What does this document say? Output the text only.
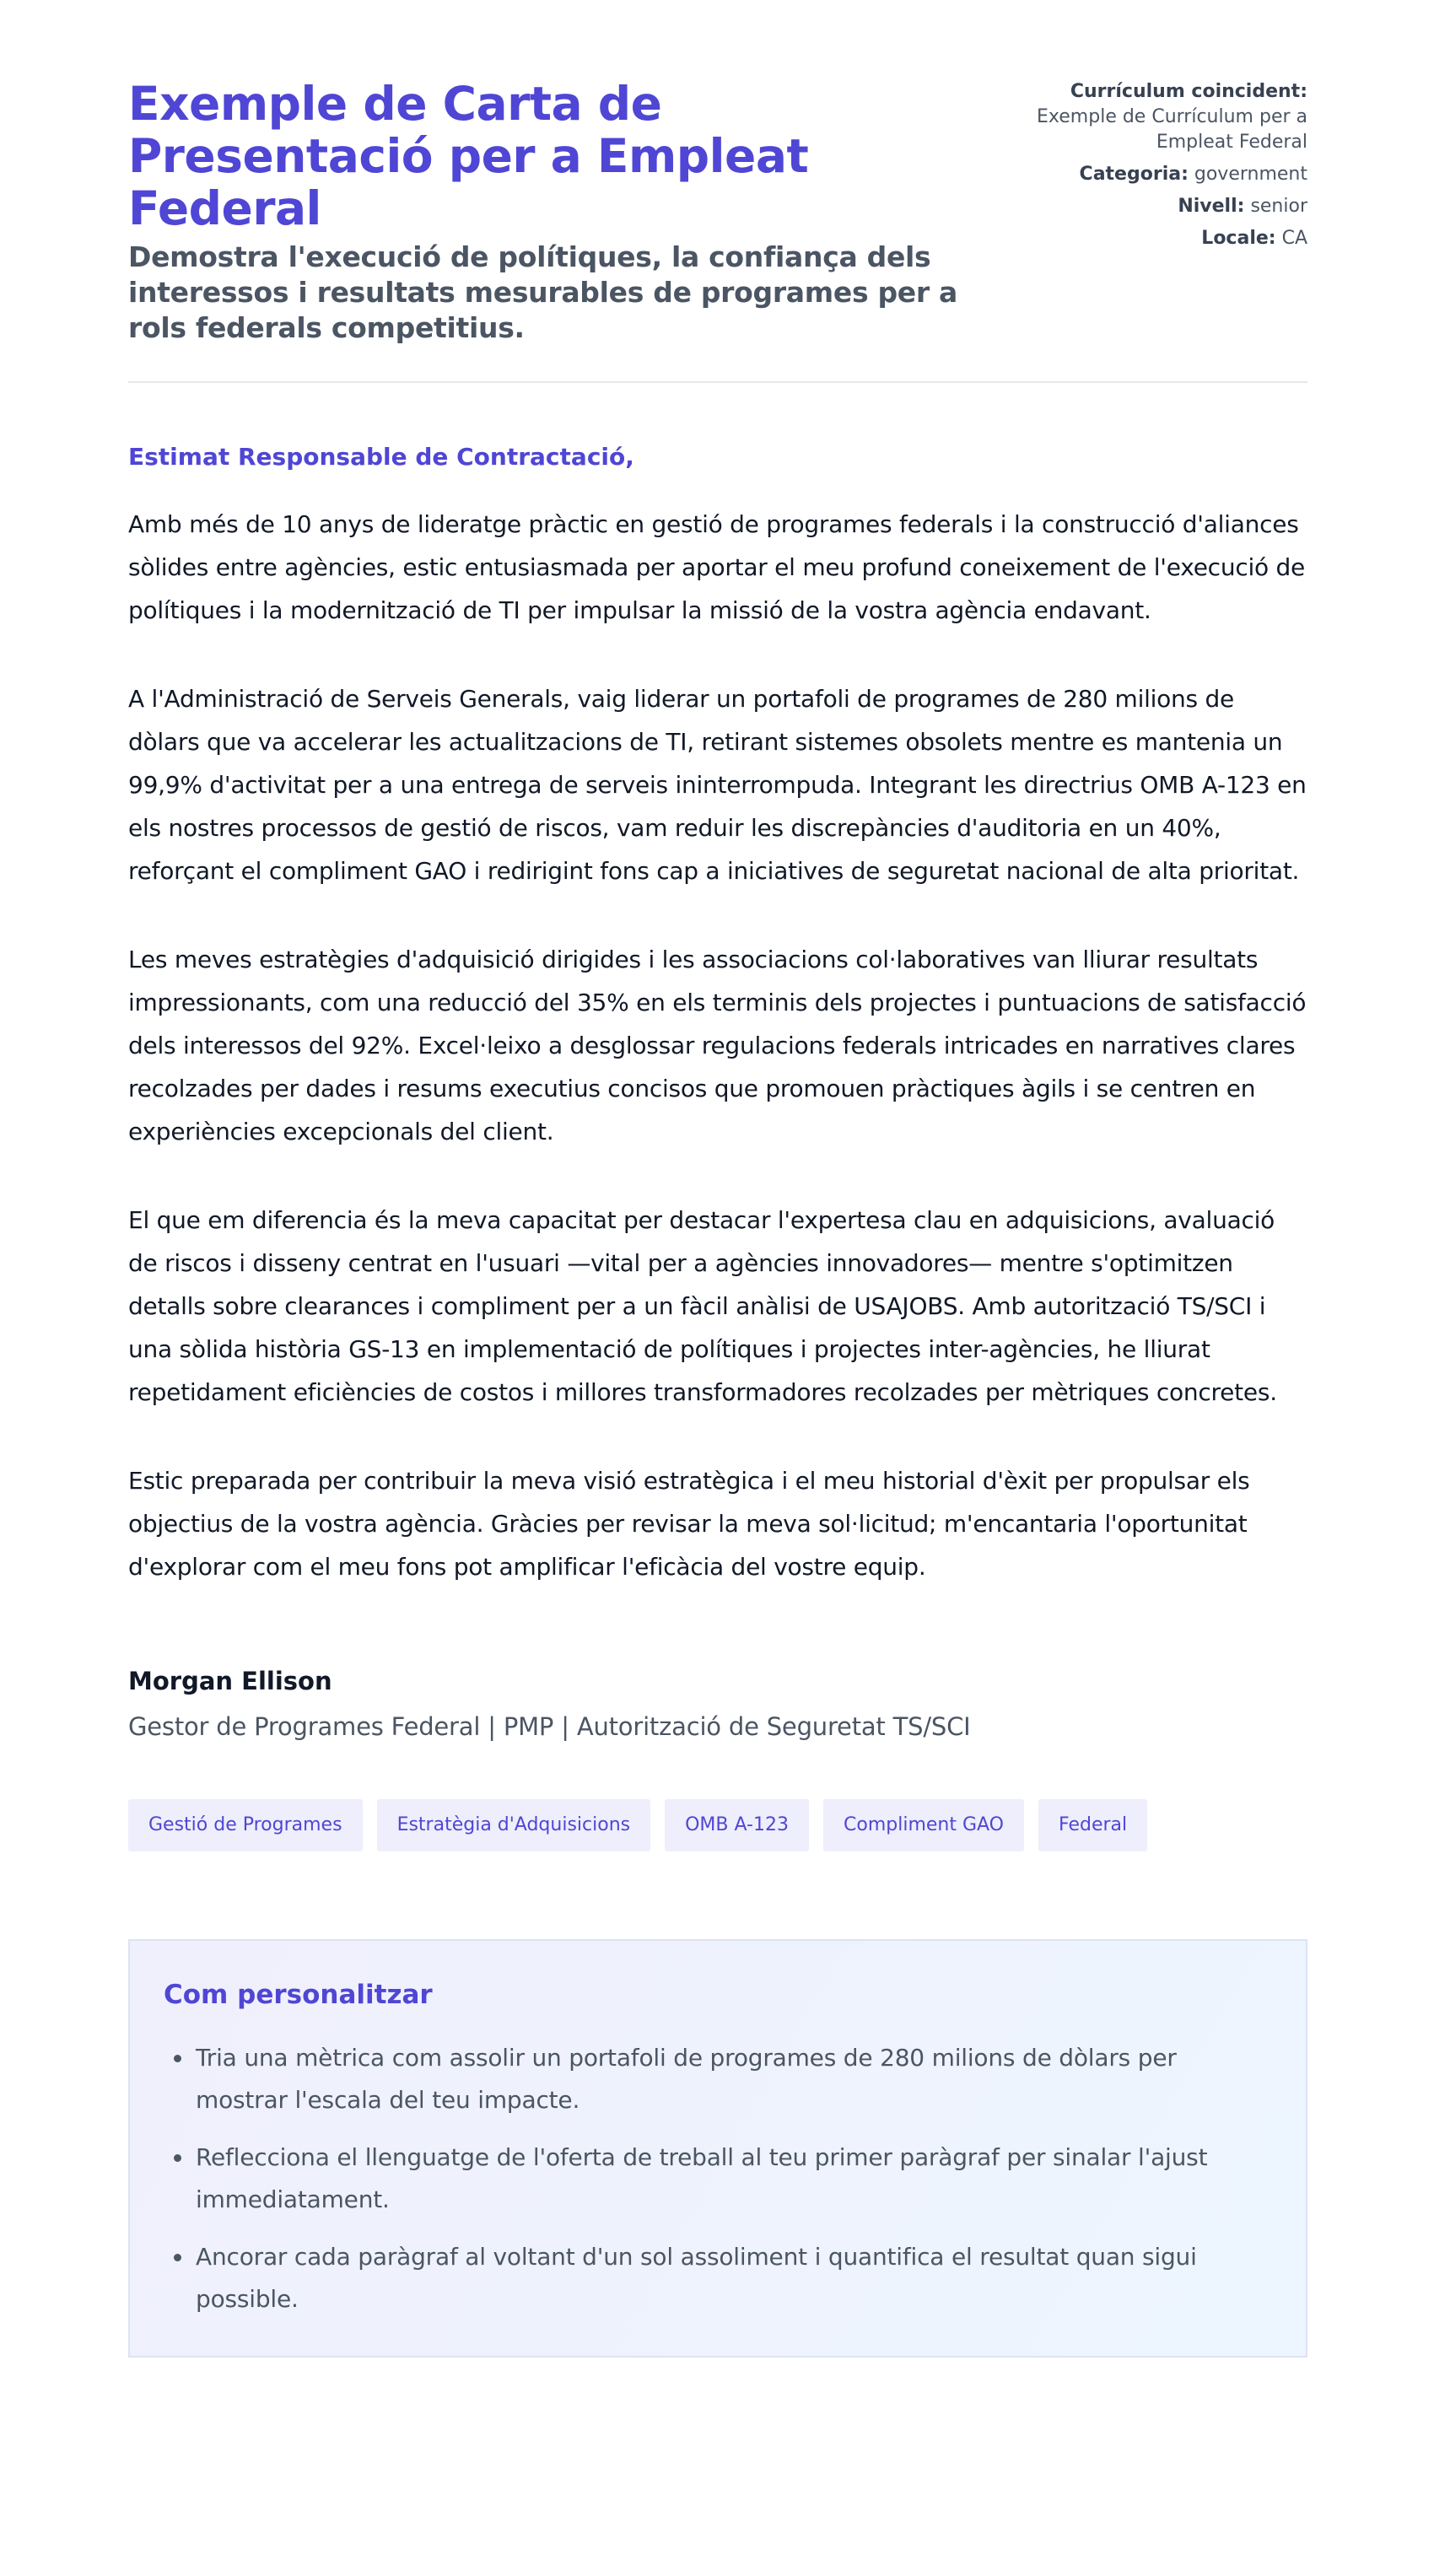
Exemple de Carta de Presentació per a Empleat Federal
Demostra l'execució de polítiques, la confiança dels interessos i resultats mesurables de programes per a rols federals competitius.
Currículum coincident:
Exemple de Currículum per a Empleat Federal
Categoria: government
Nivell: senior
Locale: CA

Estimat Responsable de Contractació,

Amb més de 10 anys de lideratge pràctic en gestió de programes federals i la construcció d'aliances sòlides entre agències, estic entusiasmada per aportar el meu profund coneixement de l'execució de polítiques i la modernització de TI per impulsar la missió de la vostra agència endavant.

A l'Administració de Serveis Generals, vaig liderar un portafoli de programes de 280 milions de dòlars que va accelerar les actualitzacions de TI, retirant sistemes obsolets mentre es mantenia un 99,9% d'activitat per a una entrega de serveis ininterrompuda. Integrant les directrius OMB A-123 en els nostres processos de gestió de riscos, vam reduir les discrepàncies d'auditoria en un 40%, reforçant el compliment GAO i redirigint fons cap a iniciatives de seguretat nacional de alta prioritat.

Les meves estratègies d'adquisició dirigides i les associacions col·laboratives van lliurar resultats impressionants, com una reducció del 35% en els terminis dels projectes i puntuacions de satisfacció dels interessos del 92%. Excel·leixo a desglossar regulacions federals intricades en narratives clares recolzades per dades i resums executius concisos que promouen pràctiques àgils i se centren en experiències excepcionals del client.

El que em diferencia és la meva capacitat per destacar l'expertesa clau en adquisicions, avaluació de riscos i disseny centrat en l'usuari —vital per a agències innovadores— mentre s'optimitzen detalls sobre clearances i compliment per a un fàcil anàlisi de USAJOBS. Amb autorització TS/SCI i una sòlida història GS-13 en implementació de polítiques i projectes inter-agències, he lliurat repetidament eficiències de costos i millores transformadores recolzades per mètriques concretes.

Estic preparada per contribuir la meva visió estratègica i el meu historial d'èxit per propulsar els objectius de la vostra agència. Gràcies per revisar la meva sol·licitud; m'encantaria l'oportunitat d'explorar com el meu fons pot amplificar l'eficàcia del vostre equip.

Morgan Ellison
Gestor de Programes Federal | PMP | Autorització de Seguretat TS/SCI
Gestió de Programes	Estratègia d'Adquisicions	OMB A-123	Compliment GAO	Federal
Com personalitzar
• Tria una mètrica com assolir un portafoli de programes de 280 milions de dòlars per mostrar l'escala del teu impacte.
• Reflecciona el llenguatge de l'oferta de treball al teu primer paràgraf per sinalar l'ajust immediatament.
• Ancorar cada paràgraf al voltant d'un sol assoliment i quantifica el resultat quan sigui possible.
